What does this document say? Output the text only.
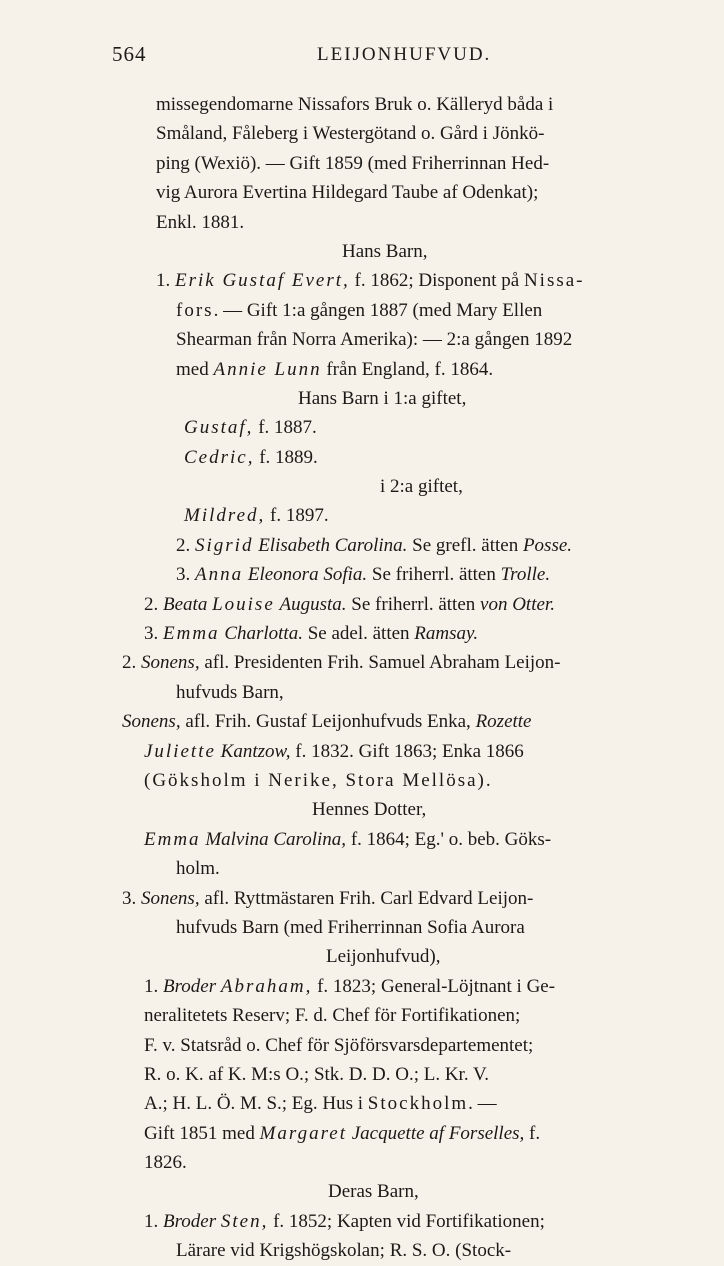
564	LEIJONHUFVUD.
missegendomarne Nissafors Bruk o. Källeryd båda i
Småland, Fåleberg i Westergötand o. Gård i Jönkö-
ping (Wexiö). — Gift 1859 (med Friherrinnan Hed-
vig Aurora Evertina Hildegard Taube af Odenkat);
Enkl. 1881.
Hans Barn,
1. Erik Gustaf Evert, f. 1862; Disponent på Nissa-
fors. — Gift 1:a gången 1887 (med Mary Ellen
Shearman från Norra Amerika): — 2:a gången 1892
med Annie Lunn från England, f. 1864.
Hans Barn i 1:a giftet,
Gustaf, f. 1887.
Cedric, f. 1889.
i 2:a giftet,
Mildred, f. 1897.
2. Sigrid Elisabeth Carolina. Se grefl. ätten Posse.
3. Anna Eleonora Sofia. Se friherrl. ätten Trolle.
2. Beata Louise Augusta. Se friherrl. ätten von Otter.
3. Emma Charlotta. Se adel. ätten Ramsay.
2. Sonens, afl. Presidenten Frih. Samuel Abraham Leijon-
hufvuds Barn,
Sonens, afl. Frih. Gustaf Leijonhufvuds Enka, Rozette
Juliette Kantzow, f. 1832. Gift 1863; Enka 1866
(Göksholm i Nerike, Stora Mellösa).
Hennes Dotter,
Emma Malvina Carolina, f. 1864; Eg.' o. beb. Göks-
holm.
3. Sonens, afl. Ryttmästaren Frih. Carl Edvard Leijon-
hufvuds Barn (med Friherrinnan Sofia Aurora
Leijonhufvud),
1. Broder Abraham, f. 1823; General-Löjtnant i Ge-
neralitetets Reserv; F. d. Chef för Fortifikationen;
F. v. Statsråd o. Chef för Sjöförsvarsdepartementet;
R. o. K. af K. M:s O.; Stk. D. D. O.; L. Kr. V.
A.; H. L. Ö. M. S.; Eg. Hus i Stockholm. —
Gift 1851 med Margaret Jacquette af Forselles, f.
1826.
Deras Barn,
1. Broder Sten, f. 1852; Kapten vid Fortifikationen;
Lärare vid Krigshögskolan; R. S. O. (Stock-
